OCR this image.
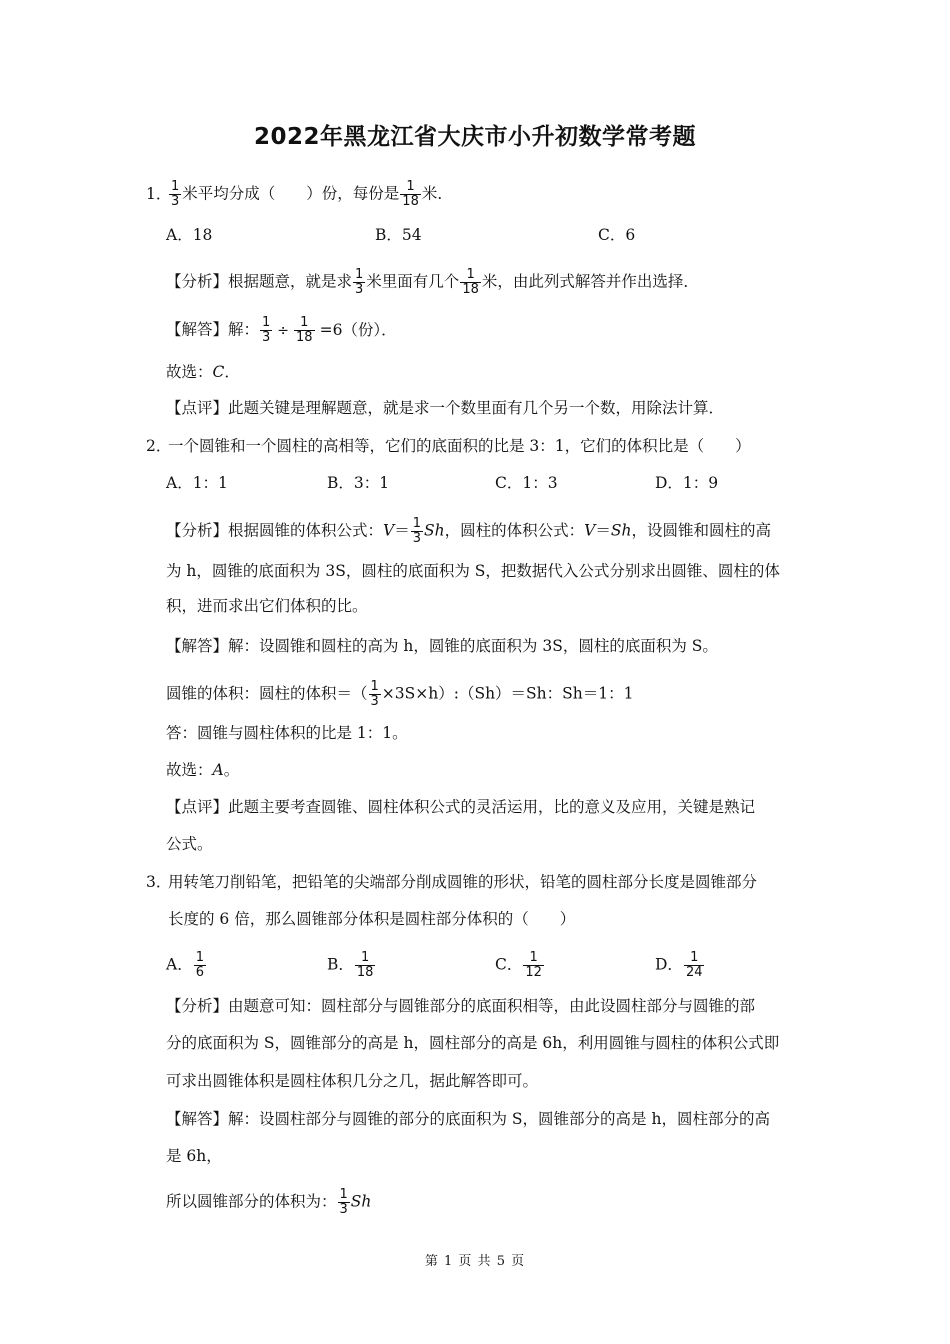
2022年黑龙江省大庆市小升初数学常考题
1．
$\frac{1}{3}$ 米平均分成（　　）份，每份是 $\frac{1}{18}$ 米．
A．18	B．54	C．6
【分析】根据题意，就是求 $\frac{1}{3}$ 米里面有几个 $\frac{1}{18}$ 米，由此列式解答并作出选择．
【解答】解： $\frac{1}{3} \div \frac{1}{18} =6$（份）．
故选：C．
【点评】此题关键是理解题意，就是求一个数里面有几个另一个数，用除法计算．
2．一个圆锥和一个圆柱的高相等，它们的底面积的比是 3：1，它们的体积比是（　　）
A．1：1	B．3：1	C．1：3	D．1：9
【分析】根据圆锥的体积公式：$V= \frac{1}{3}$ Sh，圆柱的体积公式：V＝Sh，设圆锥和圆柱的高
为 h，圆锥的底面积为 3S，圆柱的底面积为 S，把数据代入公式分别求出圆锥、圆柱的体
积，进而求出它们体积的比。
【解答】解：设圆锥和圆柱的高为 h，圆锥的底面积为 3S，圆柱的底面积为 S。
圆锥的体积：圆柱的体积＝（ $\frac{1}{3}$ ×3S×h）:（Sh）＝Sh：Sh＝1：1
答：圆锥与圆柱体积的比是 1：1。
故选：A。
【点评】此题主要考查圆锥、圆柱体积公式的灵活运用，比的意义及应用，关键是熟记
公式。
3．用转笔刀削铅笔，把铅笔的尖端部分削成圆锥的形状，铅笔的圆柱部分长度是圆锥部分
长度的 6 倍，那么圆锥部分体积是圆柱部分体积的（　　）
A． $\frac{1}{6}$	B． $\frac{1}{18}$	C． $\frac{1}{12}$	D． $\frac{1}{24}$
【分析】由题意可知：圆柱部分与圆锥部分的底面积相等，由此设圆柱部分与圆锥的部
分的底面积为 S，圆锥部分的高是 h，圆柱部分的高是 6h，利用圆锥与圆柱的体积公式即
可求出圆锥体积是圆柱体积几分之几，据此解答即可。
【解答】解：设圆柱部分与圆锥的部分的底面积为 S，圆锥部分的高是 h，圆柱部分的高
是 6h，
所以圆锥部分的体积为： $\frac{1}{3}$ Sh
第 1 页 共 5 页
